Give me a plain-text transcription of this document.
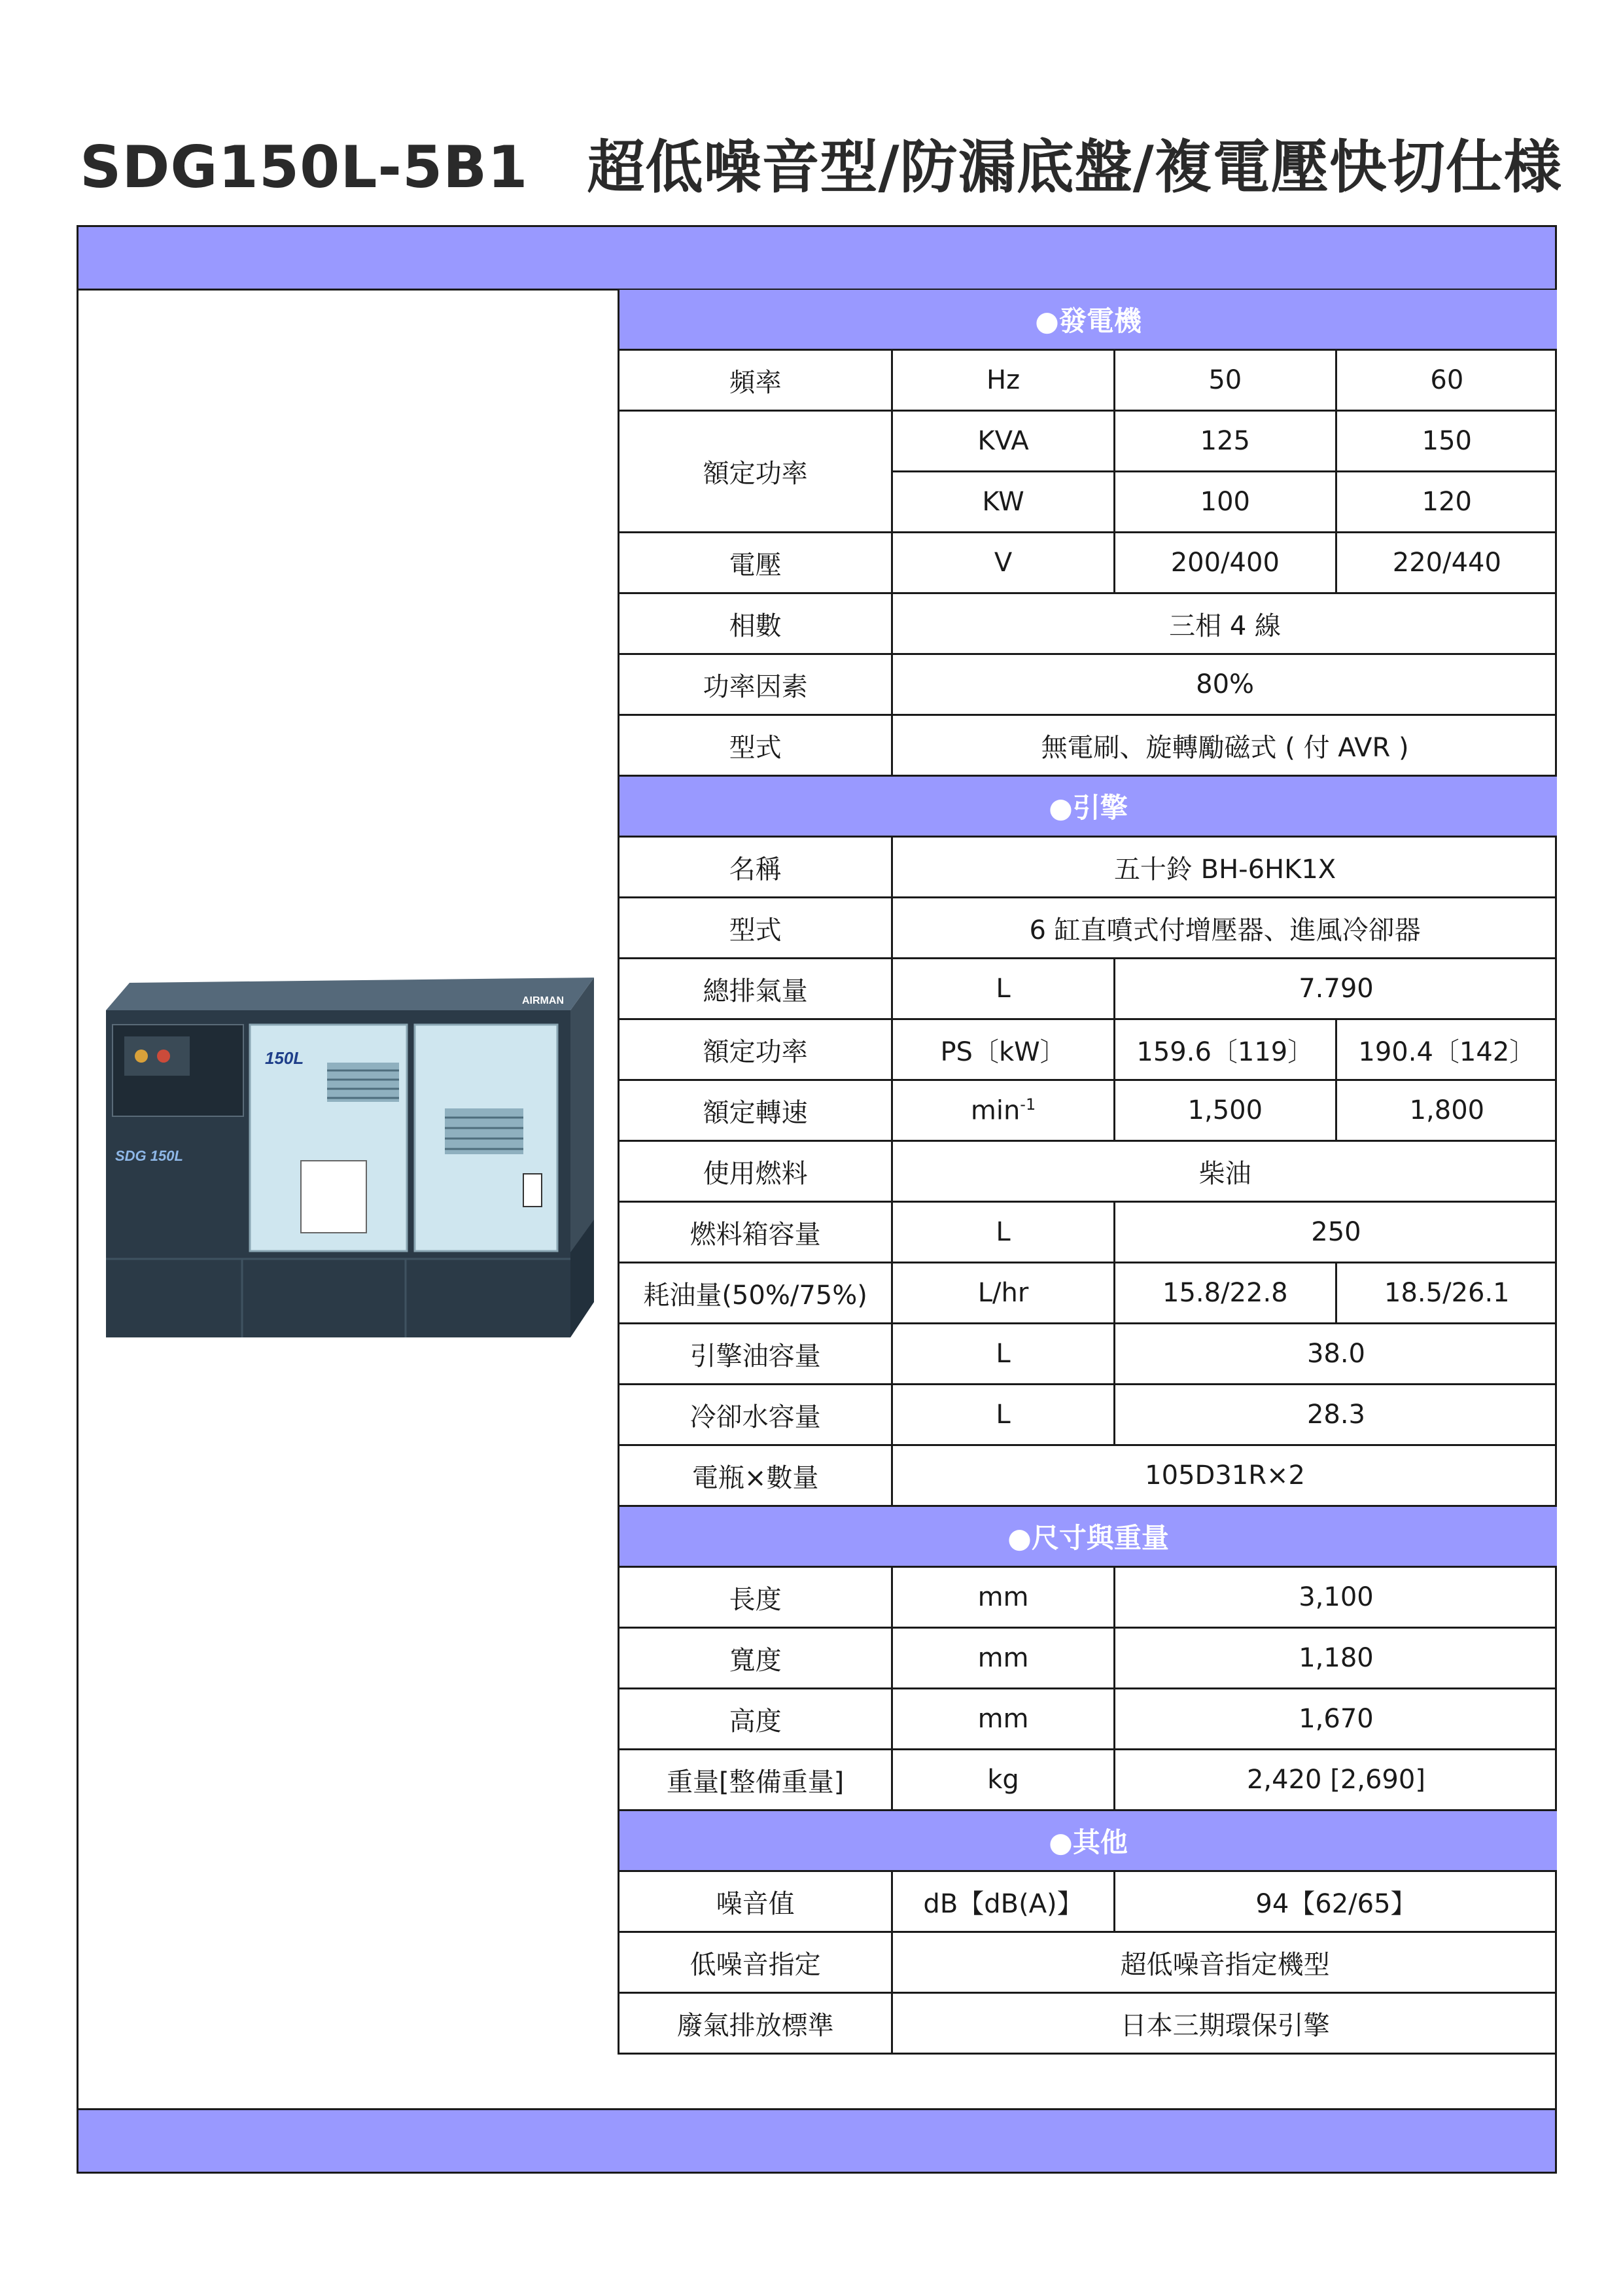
SDG150L-5B1 超低噪音型/防漏底盤/複電壓快切仕様
AIRMAN
150L
SDG 150L
●發電機			
頻率	Hz	50	60
額定功率	KVA	125	150
	KW	100	120
電壓	V	200/400	220/440
相數	三相 4 線		
功率因素	80%		
型式	無電刷、旋轉勵磁式 ( 付 AVR )		
●引擎			
名稱	五十鈴 BH-6HK1X		
型式	6 缸直噴式付增壓器、進風冷卻器		
總排氣量	L	7.790	
額定功率	PS〔kW〕	159.6〔119〕	190.4〔142〕
額定轉速	$\min^{-1}$	1,500	1,800
使用燃料	柴油		
燃料箱容量	L	250	
耗油量(50%/75%)	L/hr	15.8/22.8	18.5/26.1
引擎油容量	L	38.0	
冷卻水容量	L	28.3	
電瓶×數量	105D31R×2		
●尺寸與重量			
長度	mm	3,100	
寬度	mm	1,180	
高度	mm	1,670	
重量[整備重量]	kg	2,420 [2,690]	
●其他			
噪音值	dB【dB(A)】	94【62/65】	
低噪音指定	超低噪音指定機型		
廢氣排放標準	日本三期環保引擎		
